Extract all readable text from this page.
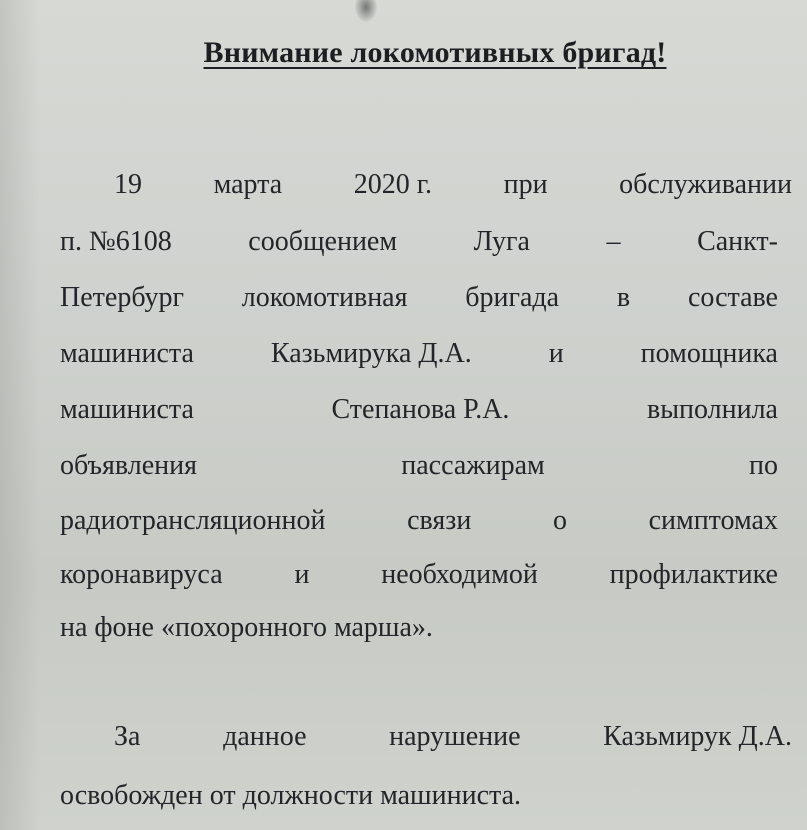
Внимание локомотивных бригад!
19	марта	2020 г.	при	обслуживании
п. №6108	сообщением	Луга	–	Санкт-
Петербург локомотивная бригада в составе
машиниста	Казьмирука Д.А.	и	помощника
машиниста	Степанова Р.А.	выполнила
объявления	пассажирам	по
радиотрансляционной	связи	о	симптомах
коронавируса	и	необходимой	профилактике
на фоне «похоронного марша».
За	данное	нарушение	Казьмирук Д.А.
освобожден от должности машиниста.
